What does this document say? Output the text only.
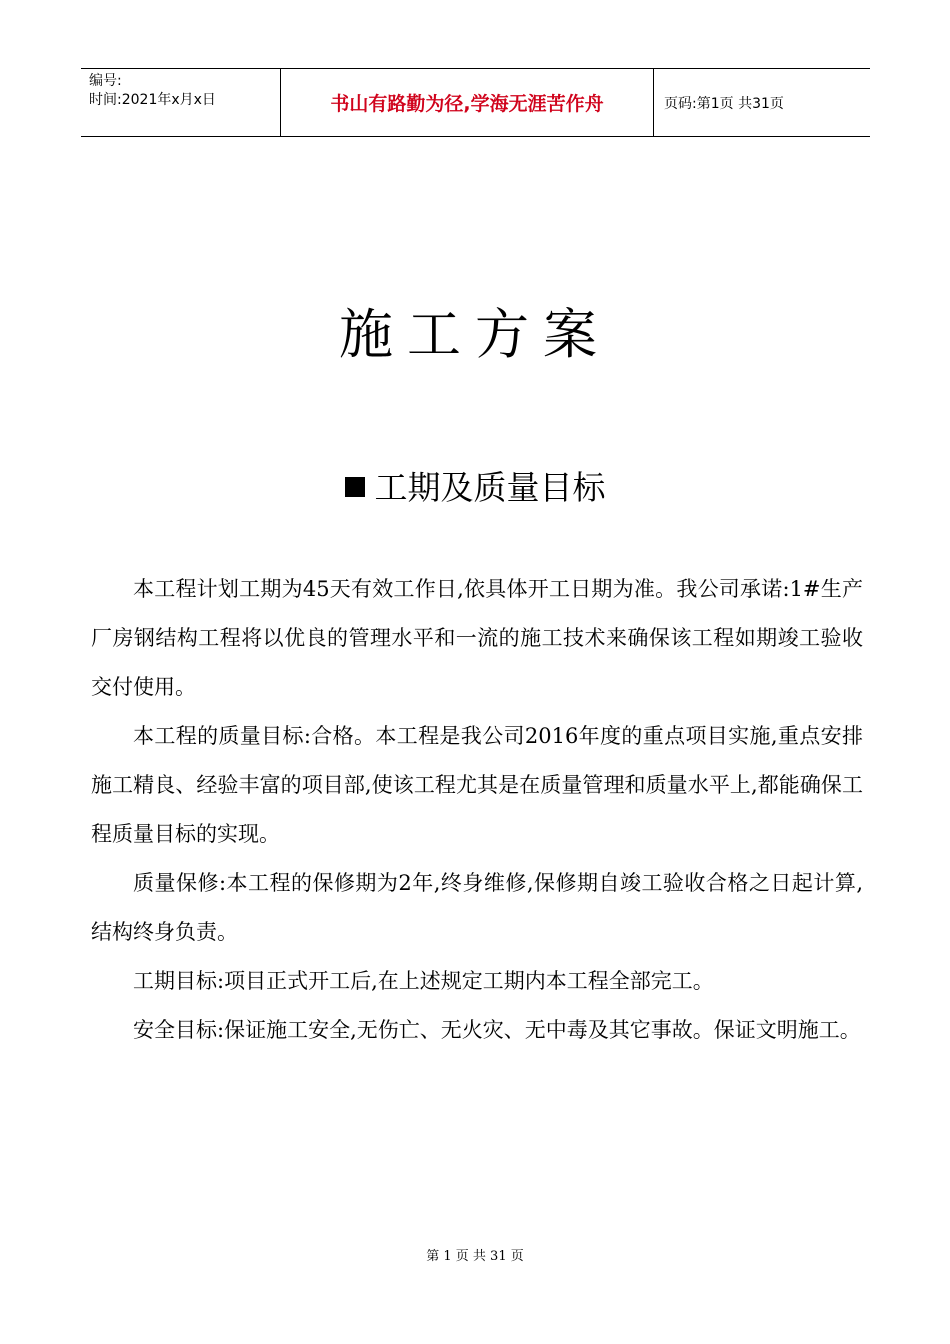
编号:
时间:2021年x月x日	书山有路勤为径,学海无涯苦作舟	页码:第1页 共31页
施工方案
工期及质量目标

本工程计划工期为45天有效工作日,依具体开工日期为准。我公司承诺:1#生产厂房钢结构工程将以优良的管理水平和一流的施工技术来确保该工程如期竣工验收交付使用。

本工程的质量目标:合格。本工程是我公司2016年度的重点项目实施,重点安排施工精良、经验丰富的项目部,使该工程尤其是在质量管理和质量水平上,都能确保工程质量目标的实现。

质量保修:本工程的保修期为2年,终身维修,保修期自竣工验收合格之日起计算,结构终身负责。

工期目标:项目正式开工后,在上述规定工期内本工程全部完工。

安全目标:保证施工安全,无伤亡、无火灾、无中毒及其它事故。保证文明施工。

第 1 页 共 31 页
